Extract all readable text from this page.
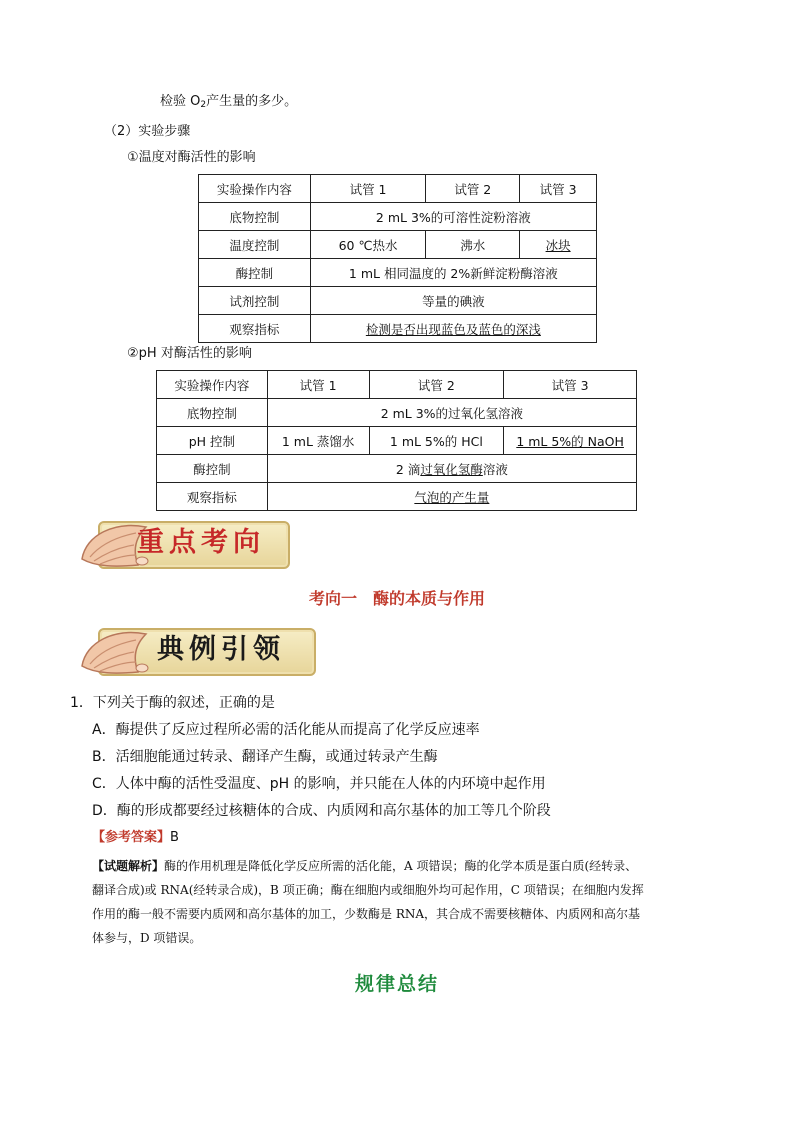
检验 $O_2$产生量的多少。
（2）实验步骤
①温度对酶活性的影响
实验操作内容	试管 1	试管 2	试管 3
底物控制	2 mL 3%的可溶性淀粉溶液		
温度控制	60 ℃热水	沸水	冰块
酶控制	1 mL 相同温度的 2%新鲜淀粉酶溶液		
试剂控制	等量的碘液		
观察指标	检测是否出现蓝色及蓝色的深浅		
②pH 对酶活性的影响
实验操作内容	试管 1	试管 2	试管 3
底物控制	2 mL 3%的过氧化氢溶液		
pH 控制	1 mL 蒸馏水	1 mL 5%的 HCl	1 mL 5%的 NaOH
酶控制	2 滴过氧化氢酶溶液		
观察指标	气泡的产生量		
重点考向
考向一　酶的本质与作用
典例引领
1．下列关于酶的叙述，正确的是
A．酶提供了反应过程所必需的活化能从而提高了化学反应速率
B．活细胞能通过转录、翻译产生酶，或通过转录产生酶
C．人体中酶的活性受温度、pH 的影响，并只能在人体的内环境中起作用
D．酶的形成都要经过核糖体的合成、内质网和高尔基体的加工等几个阶段
【参考答案】B
【试题解析】酶的作用机理是降低化学反应所需的活化能，A 项错误；酶的化学本质是蛋白质(经转录、
翻译合成)或 RNA(经转录合成)，B 项正确；酶在细胞内或细胞外均可起作用，C 项错误；在细胞内发挥
作用的酶一般不需要内质网和高尔基体的加工，少数酶是 RNA，其合成不需要核糖体、内质网和高尔基
体参与，D 项错误。
规律总结
